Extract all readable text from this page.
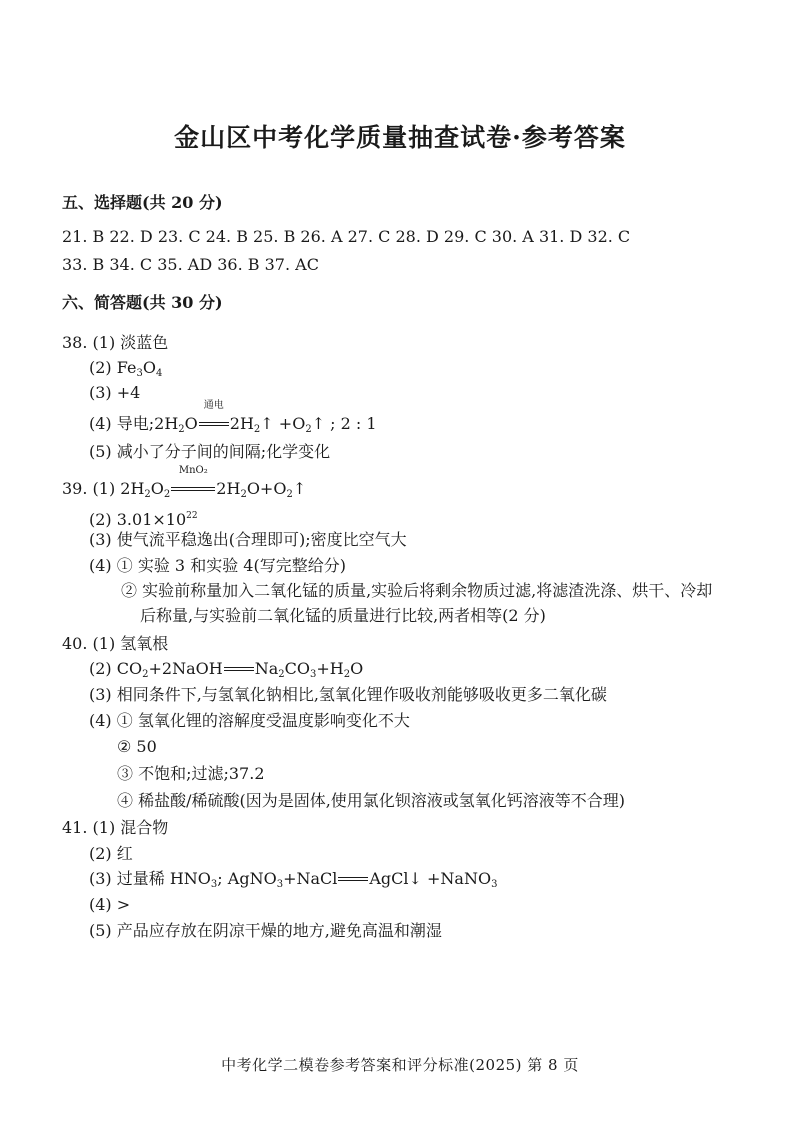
金山区中考化学质量抽查试卷·参考答案
五、选择题(共 20 分)
21. B 22. D 23. C 24. B 25. B 26. A 27. C 28. D 29. C 30. A 31. D 32. C
33. B 34. C 35. AD 36. B 37. AC
六、简答题(共 30 分)
38. (1) 淡蓝色
(2) $Fe_3O_4$
(3) +4
(4) 导电$;2H_2O$
通电
$2H_2↑$ $+O_2↑$ ; 2 : 1
(5) 减小了分子间的间隔;化学变化
39. (1) $2H_2O_2$
MnO₂
$2H_2O+O_2↑$
(2) $3.01\times 10^{22}$
(3) 使气流平稳逸出(合理即可);密度比空气大
(4) ① 实验 3 和实验 4(写完整给分)
② 实验前称量加入二氧化锰的质量,实验后将剩余物质过滤,将滤渣洗涤、烘干、冷却
后称量,与实验前二氧化锰的质量进行比较,两者相等(2 分)
40. (1) 氢氧根
(2) $CO_2+2NaOH$ $Na_2CO_3+H_2O$
(3) 相同条件下,与氢氧化钠相比,氢氧化锂作吸收剂能够吸收更多二氧化碳
(4) ① 氢氧化锂的溶解度受温度影响变化不大
② 50
③ 不饱和;过滤;37.2
④ 稀盐酸/稀硫酸(因为是固体,使用氯化钡溶液或氢氧化钙溶液等不合理)
41. (1) 混合物
(2) 红
(3) 过量稀 $HNO_3$; AgNO$_3$+NaCl AgCl↓ +NaNO$_3$
(4) >
(5) 产品应存放在阴凉干燥的地方,避免高温和潮湿
中考化学二模卷参考答案和评分标准(2025) 第 8 页
